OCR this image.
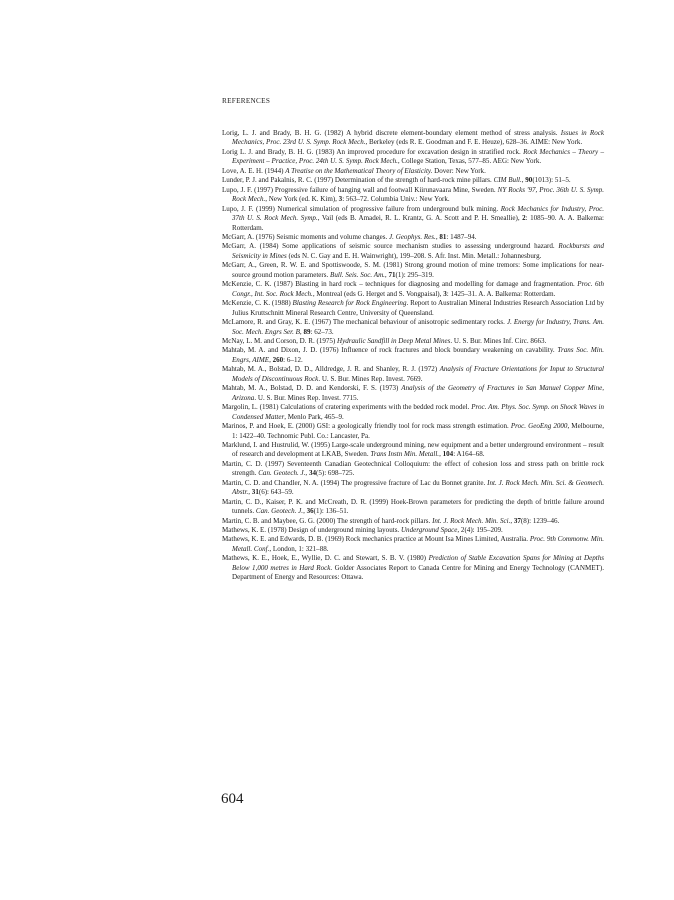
REFERENCES

Lorig, L. J. and Brady, B. H. G. (1982) A hybrid discrete element-boundary element method of stress analysis. Issues in Rock Mechanics, Proc. 23rd U. S. Symp. Rock Mech., Berkeley (eds R. E. Goodman and F. E. Heuze), 628–36. AIME: New York.

Lorig L. J. and Brady, B. H. G. (1983) An improved procedure for excavation design in stratified rock. Rock Mechanics – Theory – Experiment – Practice, Proc. 24th U. S. Symp. Rock Mech., College Station, Texas, 577–85. AEG: New York.

Love, A. E. H. (1944) A Treatise on the Mathematical Theory of Elasticity. Dover: New York.

Lunder, P. J. and Pakalnis, R. C. (1997) Determination of the strength of hard-rock mine pillars. CIM Bull., 90(1013): 51–5.

Lupo, J. F. (1997) Progressive failure of hanging wall and footwall Kiirunavaara Mine, Sweden. NY Rocks '97, Proc. 36th U. S. Symp. Rock Mech., New York (ed. K. Kim), 3: 563–72. Columbia Univ.: New York.

Lupo, J. F. (1999) Numerical simulation of progressive failure from underground bulk mining. Rock Mechanics for Industry, Proc. 37th U. S. Rock Mech. Symp., Vail (eds B. Amadei, R. L. Krantz, G. A. Scott and P. H. Smeallie), 2: 1085–90. A. A. Balkema: Rotterdam.

McGarr, A. (1976) Seismic moments and volume changes. J. Geophys. Res., 81: 1487–94.

McGarr, A. (1984) Some applications of seismic source mechanism studies to assessing underground hazard. Rockbursts and Seismicity in Mines (eds N. C. Gay and E. H. Wainwright), 199–208. S. Afr. Inst. Min. Metall.: Johannesburg.

McGarr, A., Green, R. W. E. and Spottiswoode, S. M. (1981) Strong ground motion of mine tremors: Some implications for near-source ground motion parameters. Bull. Seis. Soc. Am., 71(1): 295–319.

McKenzie, C. K. (1987) Blasting in hard rock – techniques for diagnosing and modelling for damage and fragmentation. Proc. 6th Congr., Int. Soc. Rock Mech., Montreal (eds G. Herget and S. Vongpaisal), 3: 1425–31. A. A. Balkema: Rotterdam.

McKenzie, C. K. (1988) Blasting Research for Rock Engineering. Report to Australian Mineral Industries Research Association Ltd by Julius Kruttschnitt Mineral Research Centre, University of Queensland.

McLamore, R. and Gray, K. E. (1967) The mechanical behaviour of anisotropic sedimentary rocks. J. Energy for Industry, Trans. Am. Soc. Mech. Engrs Ser. B, 89: 62–73.

McNay, L. M. and Corson, D. R. (1975) Hydraulic Sandfill in Deep Metal Mines. U. S. Bur. Mines Inf. Circ. 8663.

Mahtab, M. A. and Dixon, J. D. (1976) Influence of rock fractures and block boundary weakening on cavability. Trans Soc. Min. Engrs, AIME, 260: 6–12.

Mahtab, M. A., Bolstad, D. D., Alldredge, J. R. and Shanley, R. J. (1972) Analysis of Fracture Orientations for Input to Structural Models of Discontinuous Rock. U. S. Bur. Mines Rep. Invest. 7669.

Mahtab, M. A., Bolstad, D. D. and Kendorski, F. S. (1973) Analysis of the Geometry of Fractures in San Manuel Copper Mine, Arizona. U. S. Bur. Mines Rep. Invest. 7715.

Margolin, L. (1981) Calculations of cratering experiments with the bedded rock model. Proc. Am. Phys. Soc. Symp. on Shock Waves in Condensed Matter, Menlo Park, 465–9.

Marinos, P. and Hoek, E. (2000) GSI: a geologically friendly tool for rock mass strength estimation. Proc. GeoEng 2000, Melbourne, 1: 1422–40. Technomic Publ. Co.: Lancaster, Pa.

Marklund, I. and Hustrulid, W. (1995) Large-scale underground mining, new equipment and a better underground environment – result of research and development at LKAB, Sweden. Trans Instn Min. Metall., 104: A164–68.

Martin, C. D. (1997) Seventeenth Canadian Geotechnical Colloquium: the effect of cohesion loss and stress path on brittle rock strength. Can. Geotech. J., 34(5): 698–725.

Martin, C. D. and Chandler, N. A. (1994) The progressive fracture of Lac du Bonnet granite. Int. J. Rock Mech. Min. Sci. & Geomech. Abstr., 31(6): 643–59.

Martin, C. D., Kaiser, P. K. and McCreath, D. R. (1999) Hoek-Brown parameters for predicting the depth of brittle failure around tunnels. Can. Geotech. J., 36(1): 136–51.

Martin, C. B. and Maybee, G. G. (2000) The strength of hard-rock pillars. Int. J. Rock Mech. Min. Sci., 37(8): 1239–46.

Mathews, K. E. (1978) Design of underground mining layouts. Underground Space, 2(4): 195–209.

Mathews, K. E. and Edwards, D. B. (1969) Rock mechanics practice at Mount Isa Mines Limited, Australia. Proc. 9th Commonw. Min. Metall. Conf., London, 1: 321–88.

Mathews, K. E., Hoek, E., Wyllie, D. C. and Stewart, S. B. V. (1980) Prediction of Stable Excavation Spans for Mining at Depths Below 1,000 metres in Hard Rock. Golder Associates Report to Canada Centre for Mining and Energy Technology (CANMET). Department of Energy and Resources: Ottawa.

604
